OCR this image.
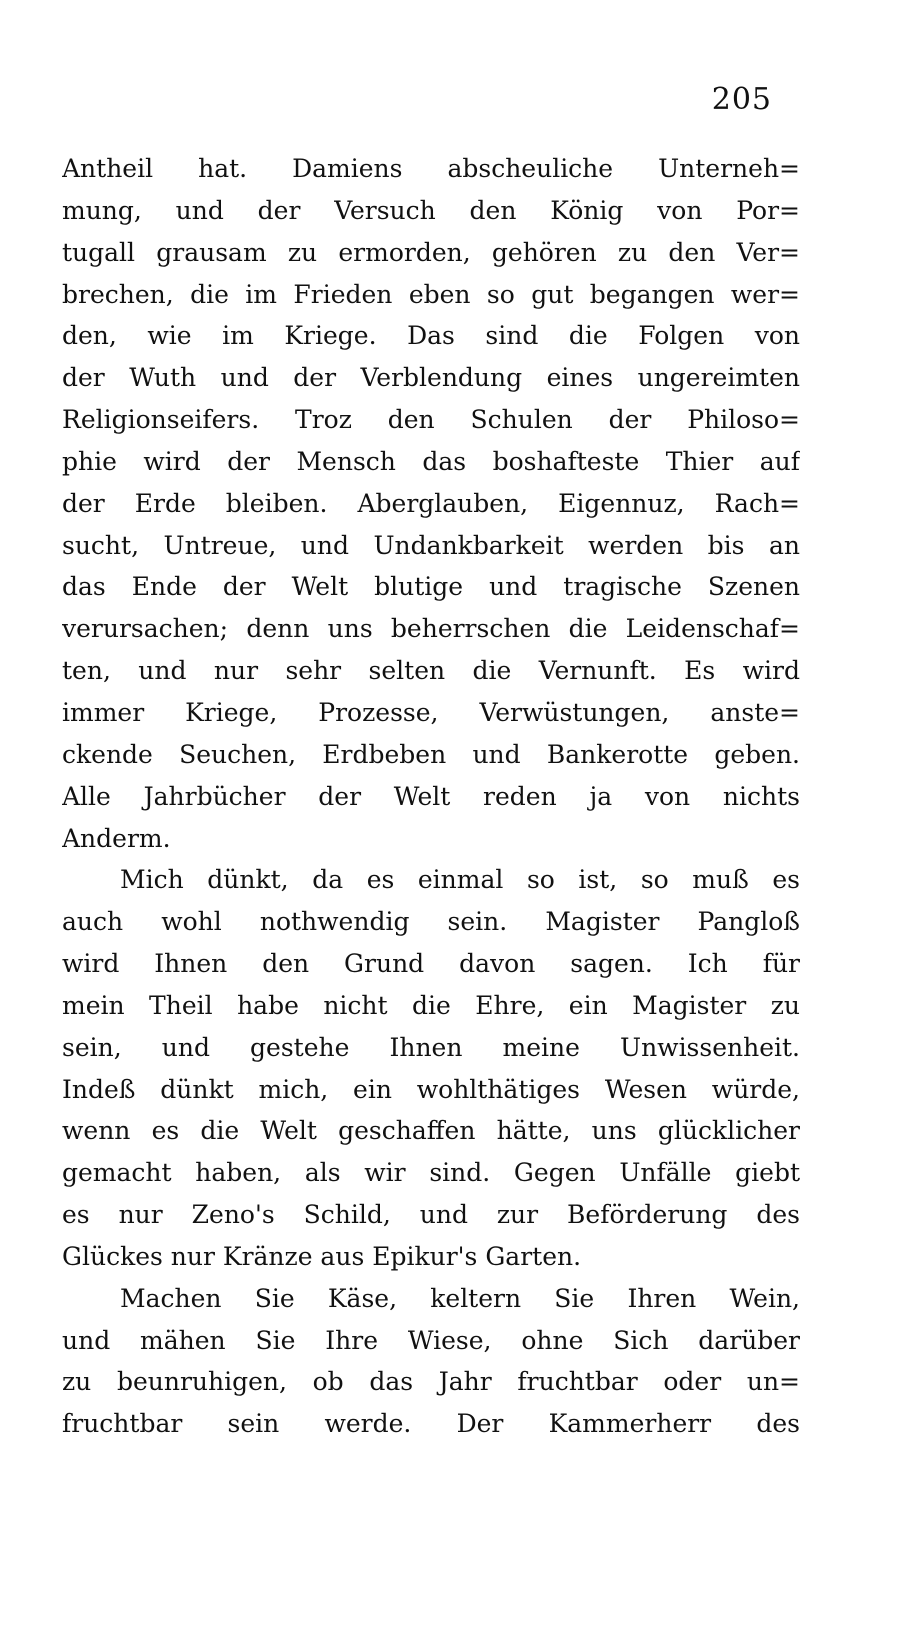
205
Antheil hat. Damiens abscheuliche Unterneh=
mung, und der Versuch den König von Por=
tugall grausam zu ermorden, gehören zu den Ver=
brechen, die im Frieden eben so gut begangen wer=
den, wie im Kriege. Das sind die Folgen von
der Wuth und der Verblendung eines ungereimten
Religionseifers. Troz den Schulen der Philoso=
phie wird der Mensch das boshafteste Thier auf
der Erde bleiben. Aberglauben, Eigennuz, Rach=
sucht, Untreue, und Undankbarkeit werden bis an
das Ende der Welt blutige und tragische Szenen
verursachen; denn uns beherrschen die Leidenschaf=
ten, und nur sehr selten die Vernunft. Es wird
immer Kriege, Prozesse, Verwüstungen, anste=
ckende Seuchen, Erdbeben und Bankerotte geben.
Alle Jahrbücher der Welt reden ja von nichts
Anderm.
Mich dünkt, da es einmal so ist, so muß es
auch wohl nothwendig sein. Magister Pangloß
wird Ihnen den Grund davon sagen. Ich für
mein Theil habe nicht die Ehre, ein Magister zu
sein, und gestehe Ihnen meine Unwissenheit.
Indeß dünkt mich, ein wohlthätiges Wesen würde,
wenn es die Welt geschaffen hätte, uns glücklicher
gemacht haben, als wir sind. Gegen Unfälle giebt
es nur Zeno's Schild, und zur Beförderung des
Glückes nur Kränze aus Epikur's Garten.
Machen Sie Käse, keltern Sie Ihren Wein,
und mähen Sie Ihre Wiese, ohne Sich darüber
zu beunruhigen, ob das Jahr fruchtbar oder un=
fruchtbar sein werde. Der Kammerherr des
